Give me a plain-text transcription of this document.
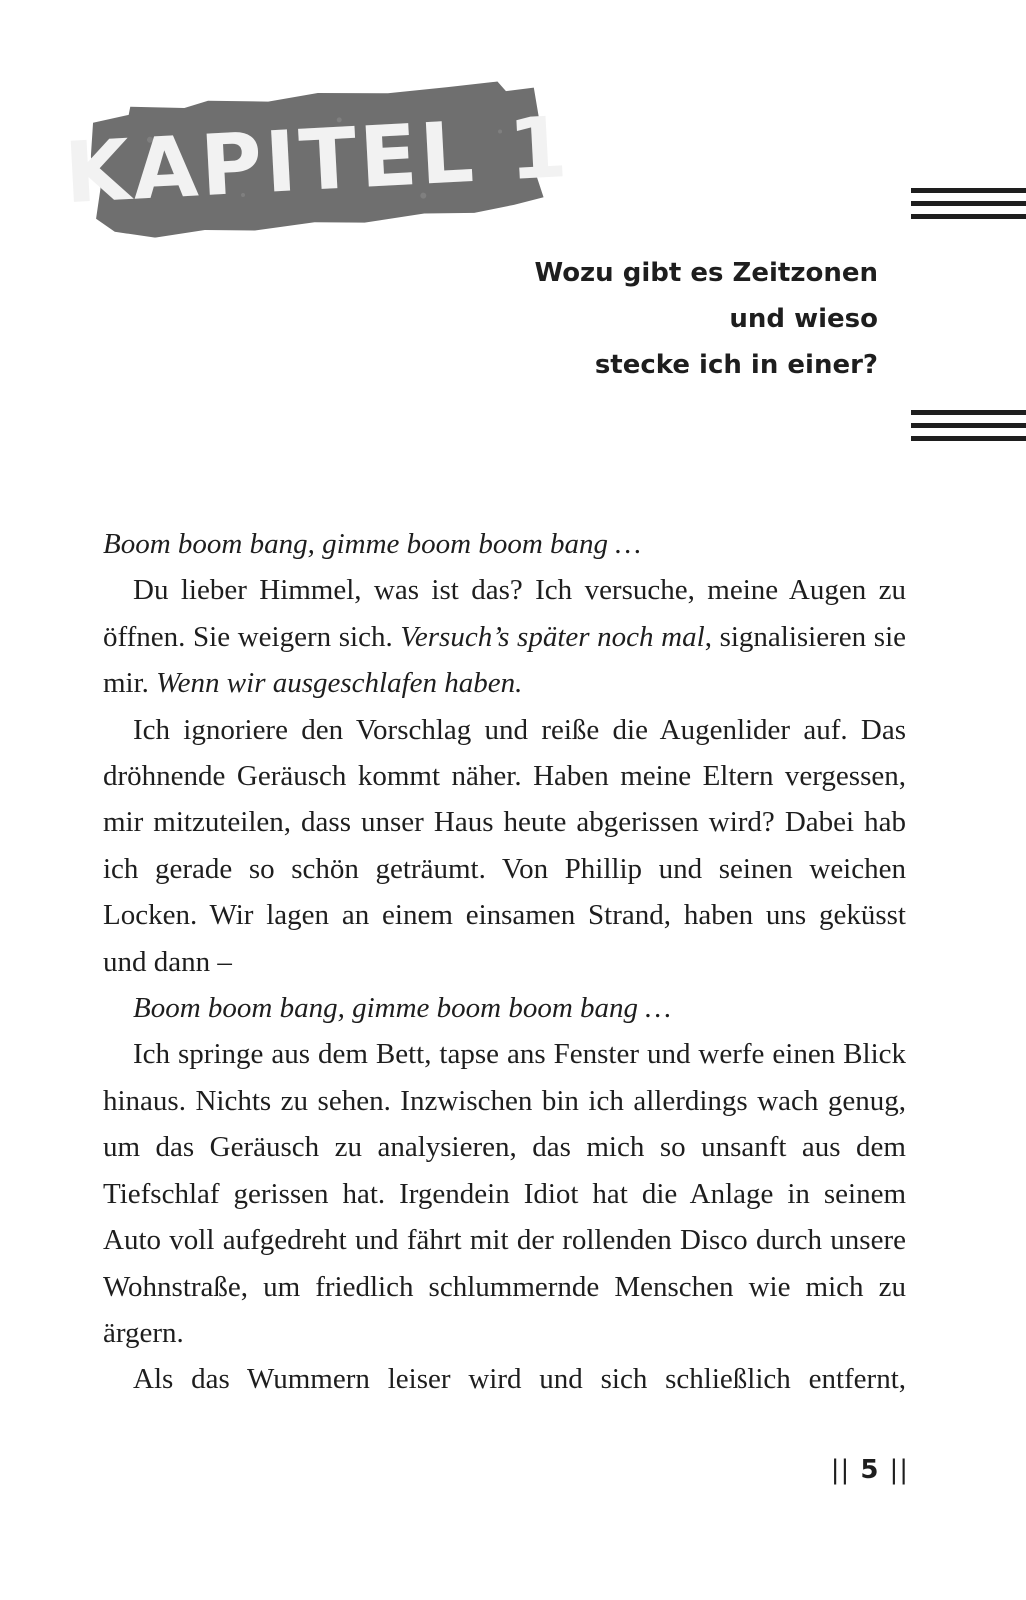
KAPITEL 1
Wozu gibt es Zeitzonen
und wieso
stecke ich in einer?

Boom boom bang, gimme boom boom bang …

Du lieber Himmel, was ist das? Ich versuche, meine Augen zu öffnen. Sie weigern sich. Versuch’s später noch mal, signalisieren sie mir. Wenn wir ausgeschlafen haben.

Ich ignoriere den Vorschlag und reiße die Augenlider auf. Das dröhnende Geräusch kommt näher. Haben meine Eltern vergessen, mir mitzuteilen, dass unser Haus heute abgerissen wird? Dabei hab ich gerade so schön geträumt. Von Phillip und seinen weichen Locken. Wir lagen an einem einsamen Strand, haben uns geküsst und dann –

Boom boom bang, gimme boom boom bang …

Ich springe aus dem Bett, tapse ans Fenster und werfe einen Blick hinaus. Nichts zu sehen. Inzwischen bin ich allerdings wach genug, um das Geräusch zu analysieren, das mich so unsanft aus dem Tiefschlaf gerissen hat. Irgendein Idiot hat die Anlage in seinem Auto voll aufgedreht und fährt mit der rollenden Disco durch unsere Wohnstraße, um friedlich schlummernde Menschen wie mich zu ärgern.

Als das Wummern leiser wird und sich schließlich entfernt,

|| 5 ||
